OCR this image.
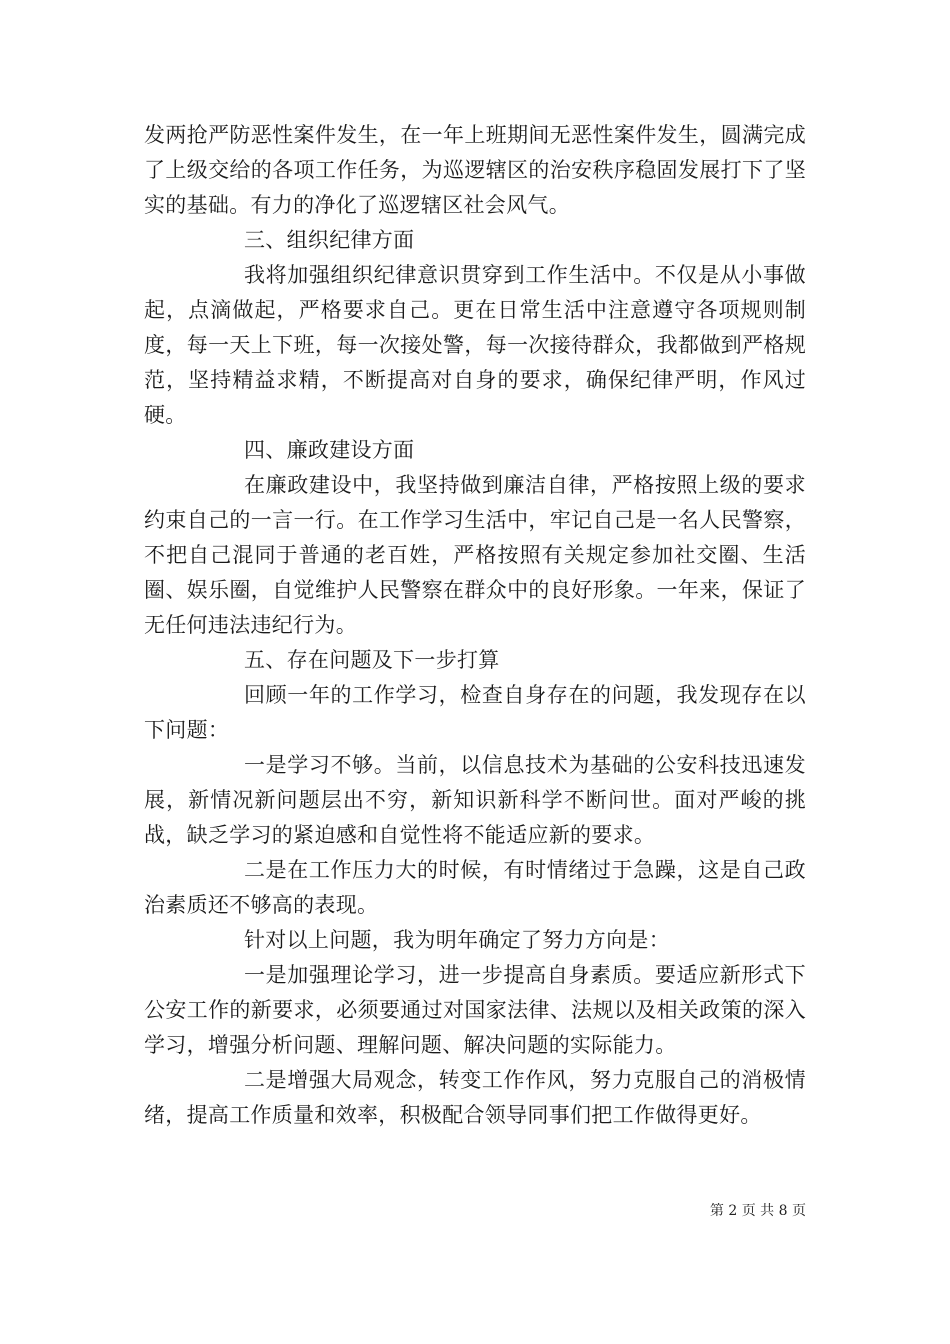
发两抢严防恶性案件发生，在一年上班期间无恶性案件发生，圆满完成了上级交给的各项工作任务，为巡逻辖区的治安秩序稳固发展打下了坚实的基础。有力的净化了巡逻辖区社会风气。

三、组织纪律方面

我将加强组织纪律意识贯穿到工作生活中。不仅是从小事做起，点滴做起，严格要求自己。更在日常生活中注意遵守各项规则制度，每一天上下班，每一次接处警，每一次接待群众，我都做到严格规范，坚持精益求精，不断提高对自身的要求，确保纪律严明，作风过硬。

四、廉政建设方面

在廉政建设中，我坚持做到廉洁自律，严格按照上级的要求约束自己的一言一行。在工作学习生活中，牢记自己是一名人民警察，不把自己混同于普通的老百姓，严格按照有关规定参加社交圈、生活圈、娱乐圈，自觉维护人民警察在群众中的良好形象。一年来，保证了无任何违法违纪行为。

五、存在问题及下一步打算

回顾一年的工作学习，检查自身存在的问题，我发现存在以下问题：

一是学习不够。当前，以信息技术为基础的公安科技迅速发展，新情况新问题层出不穷，新知识新科学不断问世。面对严峻的挑战，缺乏学习的紧迫感和自觉性将不能适应新的要求。

二是在工作压力大的时候，有时情绪过于急躁，这是自己政治素质还不够高的表现。

针对以上问题，我为明年确定了努力方向是：

一是加强理论学习，进一步提高自身素质。要适应新形式下公安工作的新要求，必须要通过对国家法律、法规以及相关政策的深入学习，增强分析问题、理解问题、解决问题的实际能力。

二是增强大局观念，转变工作作风，努力克服自己的消极情绪，提高工作质量和效率，积极配合领导同事们把工作做得更好。

第 2 页 共 8 页
